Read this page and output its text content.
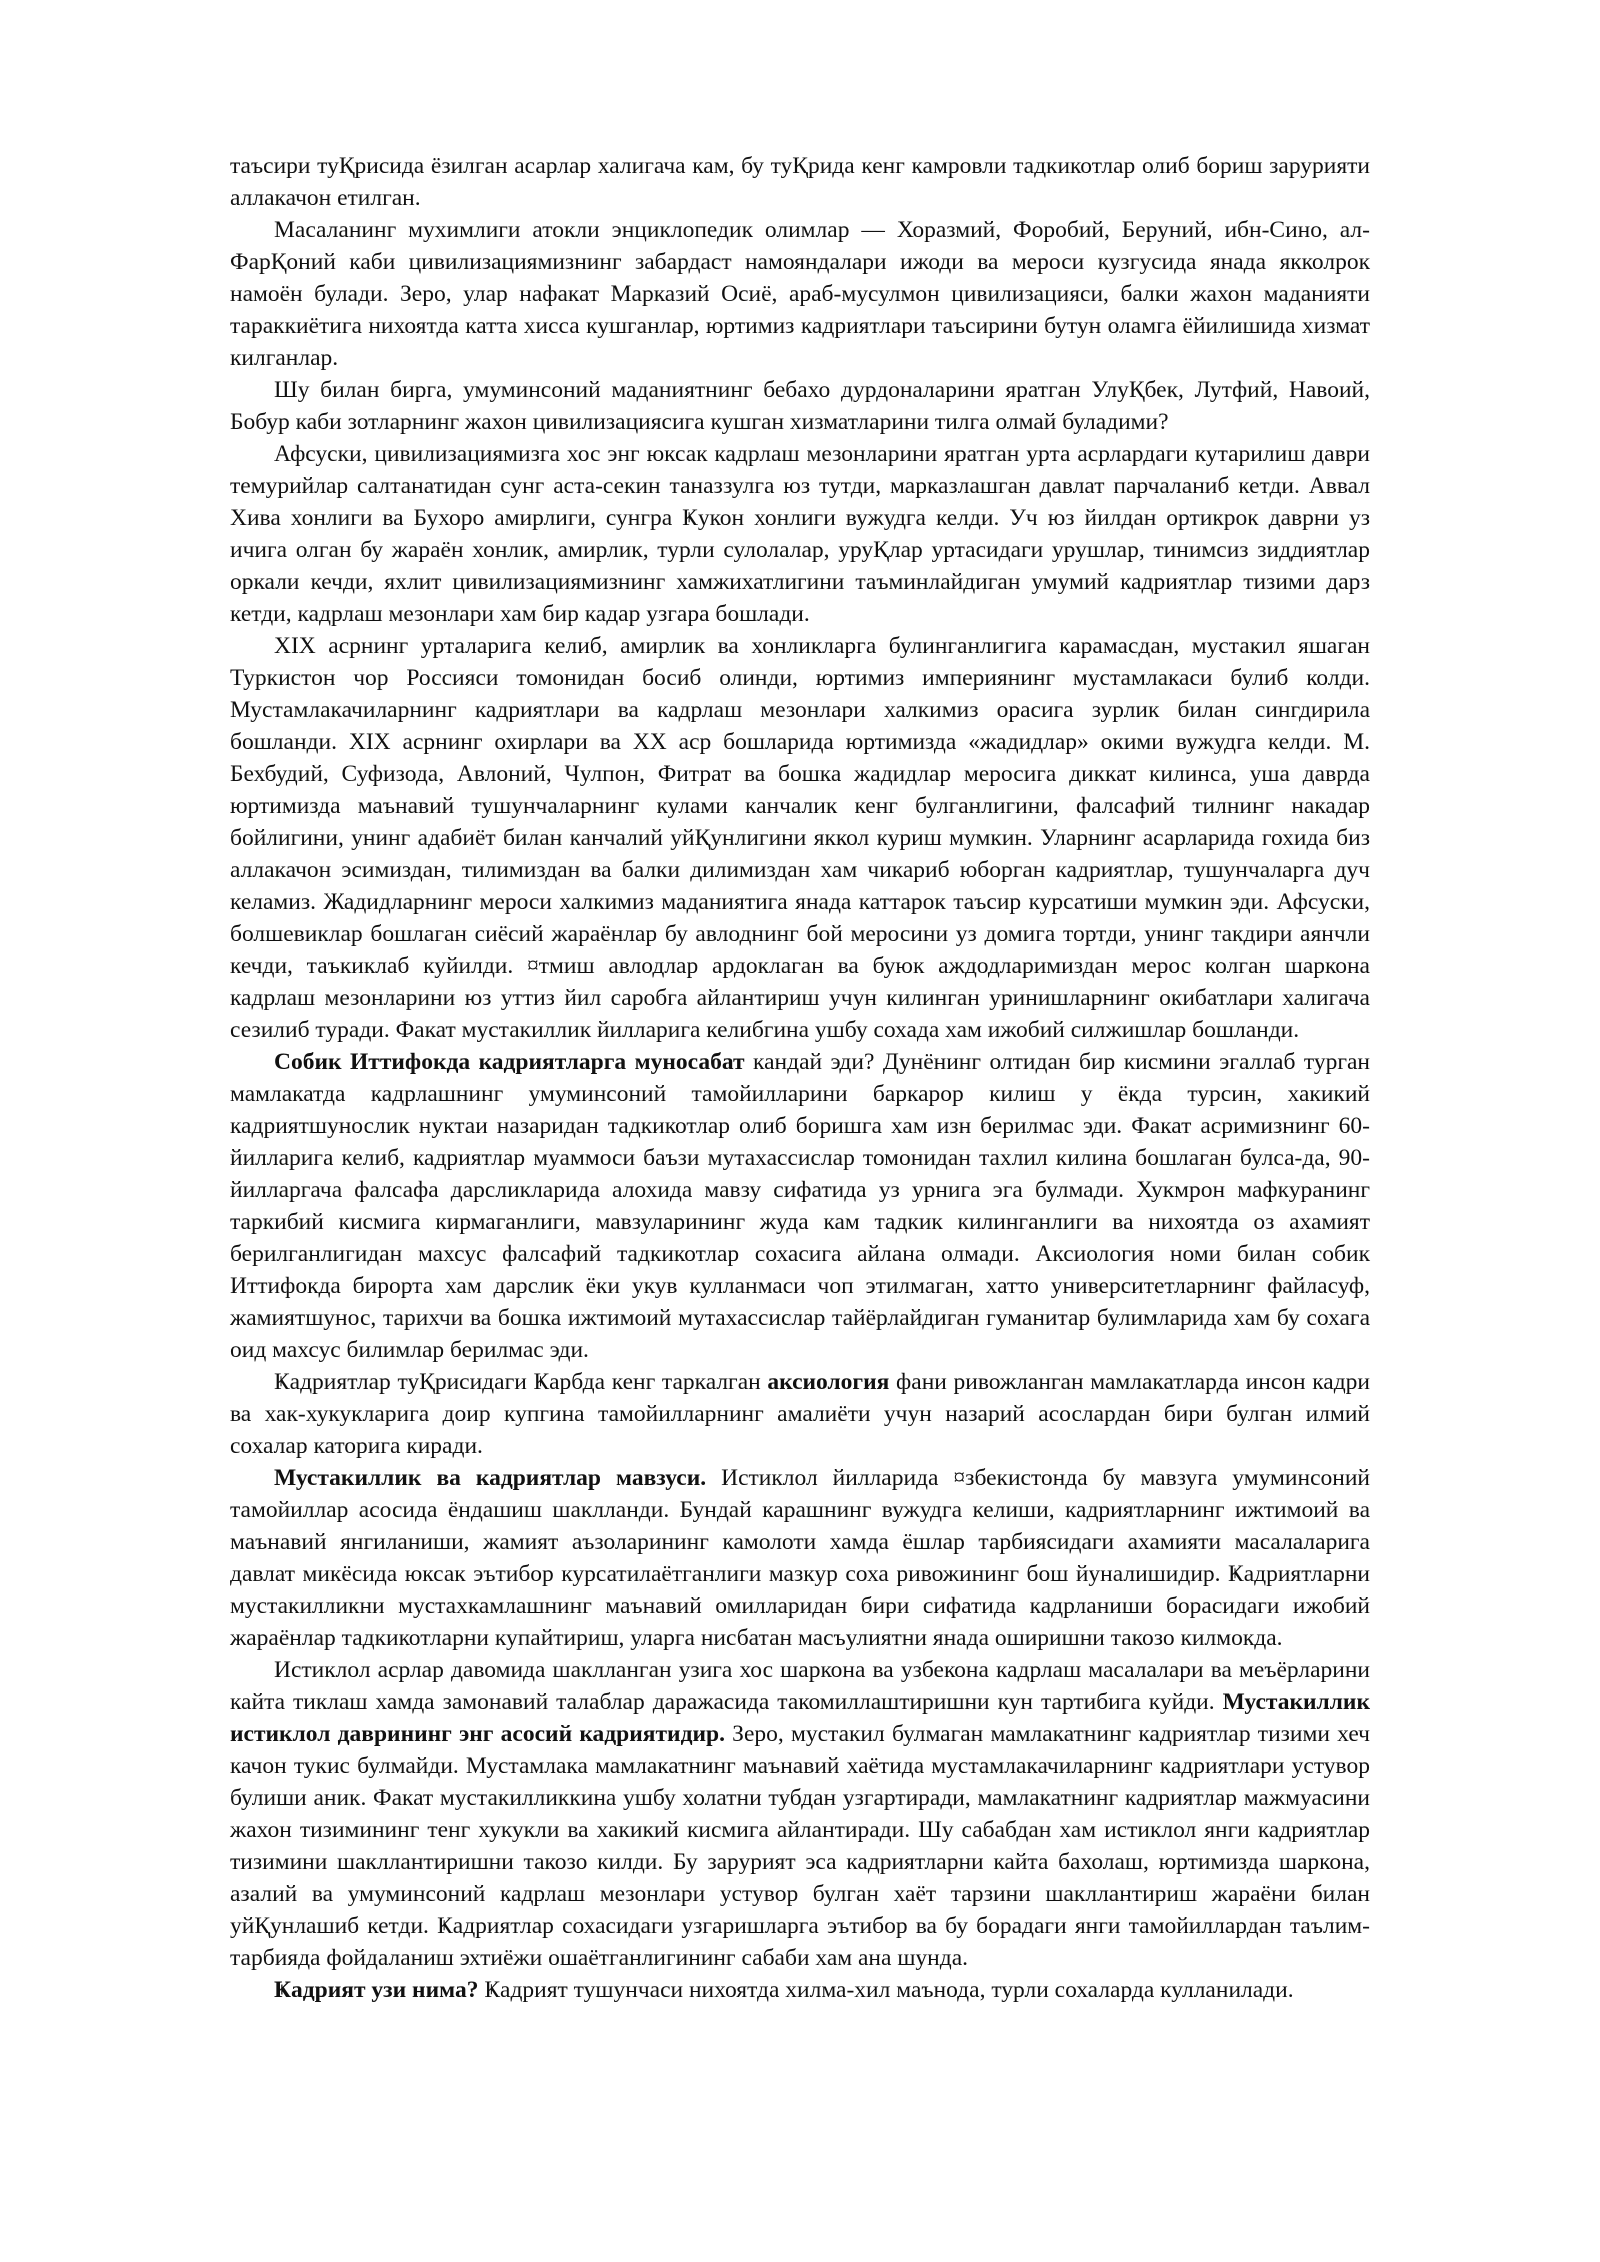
таъсири туҚрисида ёзилган асарлар халигача кам, бу туҚрида кенг камровли тадкикотлар олиб бориш зарурияти аллакачон етилган.

Масаланинг мухимлиги атокли энциклопедик олимлар — Хоразмий, Форобий, Беруний, ибн-Сино, ал-ФарҚоний каби цивилизациямизнинг забардаст намояндалари ижоди ва мероси кузгусида янада якколрок намоён булади. Зеро, улар нафакат Марказий Осиё, араб-мусулмон цивилизацияси, балки жахон маданияти тараккиётига нихоятда катта хисса кушганлар, юртимиз кадриятлари таъсирини бутун оламга ёйилишида хизмат килганлар.

Шу билан бирга, умуминсоний маданиятнинг бебахо дурдоналарини яратган УлуҚбек, Лутфий, Навоий, Бобур каби зотларнинг жахон цивилизациясига кушган хизматларини тилга олмай буладими?

Афсуски, цивилизациямизга хос энг юксак кадрлаш мезонларини яратган урта асрлардаги кутарилиш даври темурийлар салтанатидан сунг аста-секин таназзулга юз тутди, марказлашган давлат парчаланиб кетди. Аввал Хива хонлиги ва Бухоро амирлиги, сунгра Ҝукон хонлиги вужудга келди. Уч юз йилдан ортикрок даврни уз ичига олган бу жараён хонлик, амирлик, турли сулолалар, уруҚлар уртасидаги урушлар, тинимсиз зиддиятлар оркали кечди, яхлит цивилизациямизнинг хамжихатлигини таъминлайдиган умумий кадриятлар тизими дарз кетди, кадрлаш мезонлари хам бир кадар узгара бошлади.

XIX асрнинг урталарига келиб, амирлик ва хонликларга булинганлигига карамасдан, мустакил яшаган Туркистон чор Россияси томонидан босиб олинди, юртимиз империянинг мустамлакаси булиб колди. Мустамлакачиларнинг кадриятлари ва кадрлаш мезонлари халкимиз орасига зурлик билан сингдирила бошланди. XIX асрнинг охирлари ва XX аср бошларида юртимизда «жадидлар» окими вужудга келди. М. Бехбудий, Суфизода, Авлоний, Чулпон, Фитрат ва бошка жадидлар меросига диккат килинса, уша даврда юртимизда маънавий тушунчаларнинг кулами канчалик кенг булганлигини, фалсафий тилнинг накадар бойлигини, унинг адабиёт билан канчалий уйҚунлигини яккол куриш мумкин. Уларнинг асарларида гохида биз аллакачон эсимиздан, тилимиздан ва балки дилимиздан хам чикариб юборган кадриятлар, тушунчаларга дуч келамиз. Жадидларнинг мероси халкимиз маданиятига янада каттарок таъсир курсатиши мумкин эди. Афсуски, болшевиклар бошлаган сиёсий жараёнлар бу авлоднинг бой меросини уз домига тортди, унинг такдири аянчли кечди, таъкиклаб куйилди. ¤тмиш авлодлар ардоклаган ва буюк аждодларимиздан мерос колган шаркона кадрлаш мезонларини юз уттиз йил саробга айлантириш учун килинган уринишларнинг окибатлари халигача сезилиб туради. Факат мустакиллик йилларига келибгина ушбу сохада хам ижобий силжишлар бошланди.

Собик Иттифокда кадриятларга муносабат кандай эди? Дунёнинг олтидан бир кисмини эгаллаб турган мамлакатда кадрлашнинг умуминсоний тамойилларини баркарор килиш у ёкда турсин, хакикий кадриятшунослик нуктаи назаридан тадкикотлар олиб боришга хам изн берилмас эди. Факат асримизнинг 60-йилларига келиб, кадриятлар муаммоси баъзи мутахассислар томонидан тахлил килина бошлаган булса-да, 90-йилларгача фалсафа дарсликларида алохида мавзу сифатида уз урнига эга булмади. Хукмрон мафкуранинг таркибий кисмига кирмаганлиги, мавзуларининг жуда кам тадкик килинганлиги ва нихоятда оз ахамият берилганлигидан махсус фалсафий тадкикотлар сохасига айлана олмади. Аксиология номи билан собик Иттифокда бирорта хам дарслик ёки укув кулланмаси чоп этилмаган, хатто университетларнинг файласуф, жамиятшунос, тарихчи ва бошка ижтимоий мутахассислар тайёрлайдиган гуманитар булимларида хам бу сохага оид махсус билимлар берилмас эди.

Ҝадриятлар туҚрисидаги Ҝарбда кенг таркалган аксиология фани ривожланган мамлакатларда инсон кадри ва хак-хукукларига доир купгина тамойилларнинг амалиёти учун назарий асослардан бири булган илмий сохалар каторига киради.

Мустакиллик ва кадриятлар мавзуси. Истиклол йилларида ¤збекистонда бу мавзуга умуминсоний тамойиллар асосида ёндашиш шаклланди. Бундай карашнинг вужудга келиши, кадриятларнинг ижтимоий ва маънавий янгиланиши, жамият аъзоларининг камолоти хамда ёшлар тарбиясидаги ахамияти масалаларига давлат микёсида юксак эътибор курсатилаётганлиги мазкур соха ривожининг бош йуналишидир. Ҝадриятларни мустакилликни мустахкамлашнинг маънавий омилларидан бири сифатида кадрланиши борасидаги ижобий жараёнлар тадкикотларни купайтириш, уларга нисбатан масъулиятни янада оширишни такозо килмокда.

Истиклол асрлар давомида шаклланган узига хос шаркона ва узбекона кадрлаш масалалари ва меъёрларини кайта тиклаш хамда замонавий талаблар даражасида такомиллаштиришни кун тартибига куйди. Мустакиллик истиклол даврининг энг асосий кадриятидир. Зеро, мустакил булмаган мамлакатнинг кадриятлар тизими хеч качон тукис булмайди. Мустамлака мамлакатнинг маънавий хаётида мустамлакачиларнинг кадриятлари устувор булиши аник. Факат мустакилликкина ушбу холатни тубдан узгартиради, мамлакатнинг кадриятлар мажмуасини жахон тизимининг тенг хукукли ва хакикий кисмига айлантиради. Шу сабабдан хам истиклол янги кадриятлар тизимини шакллантиришни такозо килди. Бу зарурият эса кадриятларни кайта бахолаш, юртимизда шаркона, азалий ва умуминсоний кадрлаш мезонлари устувор булган хаёт тарзини шакллантириш жараёни билан уйҚунлашиб кетди. Ҝадриятлар сохасидаги узгаришларга эътибор ва бу борадаги янги тамойиллардан таълим-тарбияда фойдаланиш эхтиёжи ошаётганлигининг сабаби хам ана шунда.

Ҝадрият узи нима? Ҝадрият тушунчаси нихоятда хилма-хил маънода, турли сохаларда кулланилади.
